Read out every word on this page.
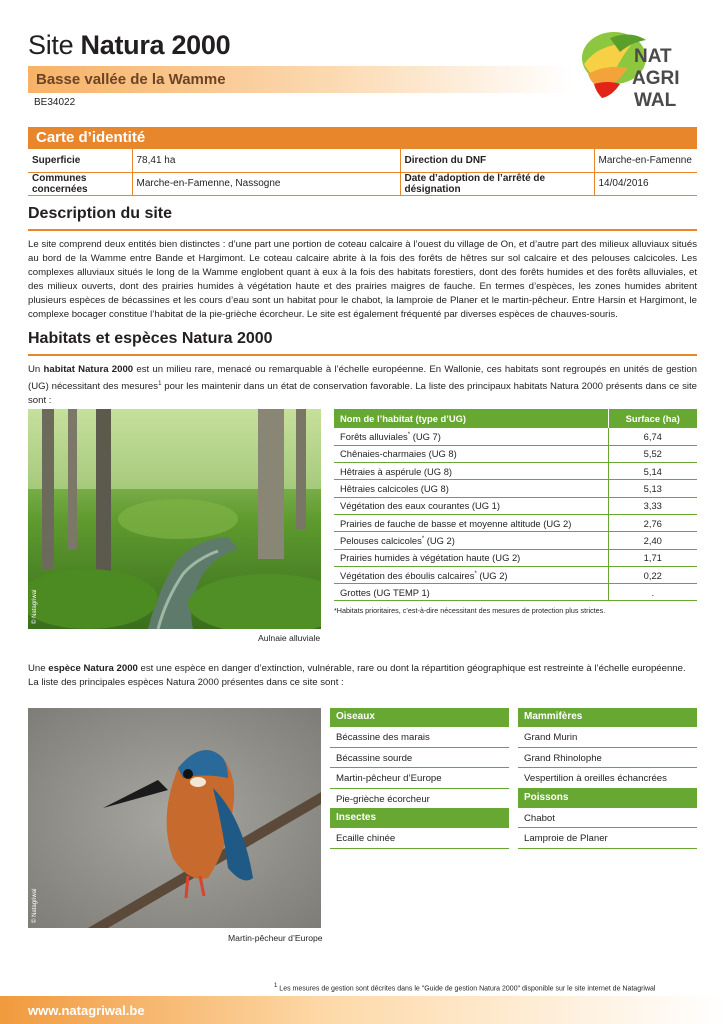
Site Natura 2000
Basse vallée de la Wamme
BE34022
NAT
AGRI
WAL
Carte d’identité
Superficie	78,41 ha	Direction du DNF	Marche-en-Famenne
Communes concernées	Marche-en-Famenne, Nassogne	Date d’adoption de l’arrêté de désignation	14/04/2016
Description du site
Le site comprend deux entités bien distinctes : d’une part une portion de coteau calcaire à l’ouest du village de On, et d’autre part des milieux alluviaux situés au bord de la Wamme entre Bande et Hargimont. Le coteau calcaire abrite à la fois des forêts de hêtres sur sol calcaire et des pelouses calcicoles. Les complexes alluviaux situés le long de la Wamme englobent quant à eux à la fois des habitats forestiers, dont des forêts humides et des forêts alluviales, et des milieux ouverts, dont des prairies humides à végétation haute et des prairies maigres de fauche. En termes d’espèces, les zones humides abritent plusieurs espèces de bécassines et les cours d’eau sont un habitat pour le chabot, la lamproie de Planer et le martin-pêcheur. Entre Harsin et Hargimont, le complexe bocager constitue l’habitat de la pie-grièche écorcheur. Le site est également fréquenté par diverses espèces de chauves-souris.
Habitats et espèces Natura 2000
Un habitat Natura 2000 est un milieu rare, menacé ou remarquable à l’échelle européenne. En Wallonie, ces habitats sont regroupés en unités de gestion (UG) nécessitant des mesures$^1$ pour les maintenir dans un état de conservation favorable. La liste des principaux habitats Natura 2000 présents dans ce site sont :
© Natagriwal
Aulnaie alluviale
Nom de l’habitat (type d’UG)	Surface (ha)
Forêts alluviales* (UG 7)	6,74
Chênaies-charmaies (UG 8)	5,52
Hêtraies à aspérule (UG 8)	5,14
Hêtraies calcicoles (UG 8)	5,13
Végétation des eaux courantes (UG 1)	3,33
Prairies de fauche de basse et moyenne altitude (UG 2)	2,76
Pelouses calcicoles* (UG 2)	2,40
Prairies humides à végétation haute (UG 2)	1,71
Végétation des éboulis calcaires* (UG 2)	0,22
Grottes (UG TEMP 1)	.
*Habitats prioritaires, c’est-à-dire nécessitant des mesures de protection plus strictes.
Une espèce Natura 2000 est une espèce en danger d’extinction, vulnérable, rare ou dont la répartition géographique est restreinte à l’échelle européenne.
La liste des principales espèces Natura 2000 présentes dans ce site sont :
© Natagriwal
Martin-pêcheur d’Europe
Oiseaux
Bécassine des marais
Bécassine sourde
Martin-pêcheur d’Europe
Pie-grièche écorcheur
Insectes
Ecaille chinée
Mammifères
Grand Murin
Grand Rhinolophe
Vespertilion à oreilles échancrées
Poissons
Chabot
Lamproie de Planer
$^1$ Les mesures de gestion sont décrites dans le "Guide de gestion Natura 2000" disponible sur le site internet de Natagriwal
www.natagriwal.be
